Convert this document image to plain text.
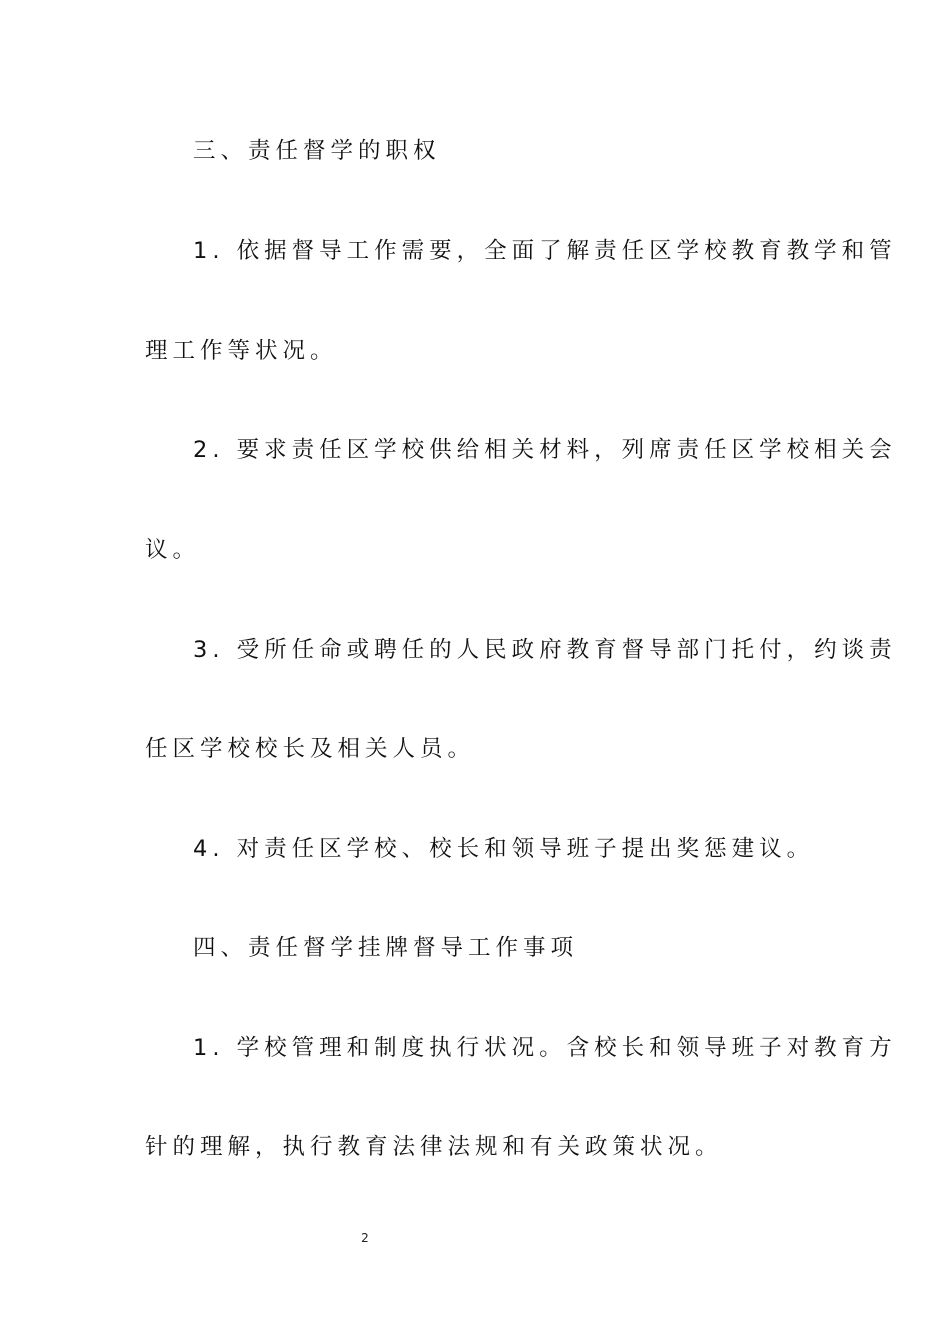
三、责任督学的职权
1. 依据督导工作需要，全面了解责任区学校教育教学和管
理工作等状况。
2. 要求责任区学校供给相关材料，列席责任区学校相关会
议。
3. 受所任命或聘任的人民政府教育督导部门托付，约谈责
任区学校校长及相关人员。
4. 对责任区学校、校长和领导班子提出奖惩建议。
四、责任督学挂牌督导工作事项
1. 学校管理和制度执行状况。含校长和领导班子对教育方
针的理解，执行教育法律法规和有关政策状况。
2
